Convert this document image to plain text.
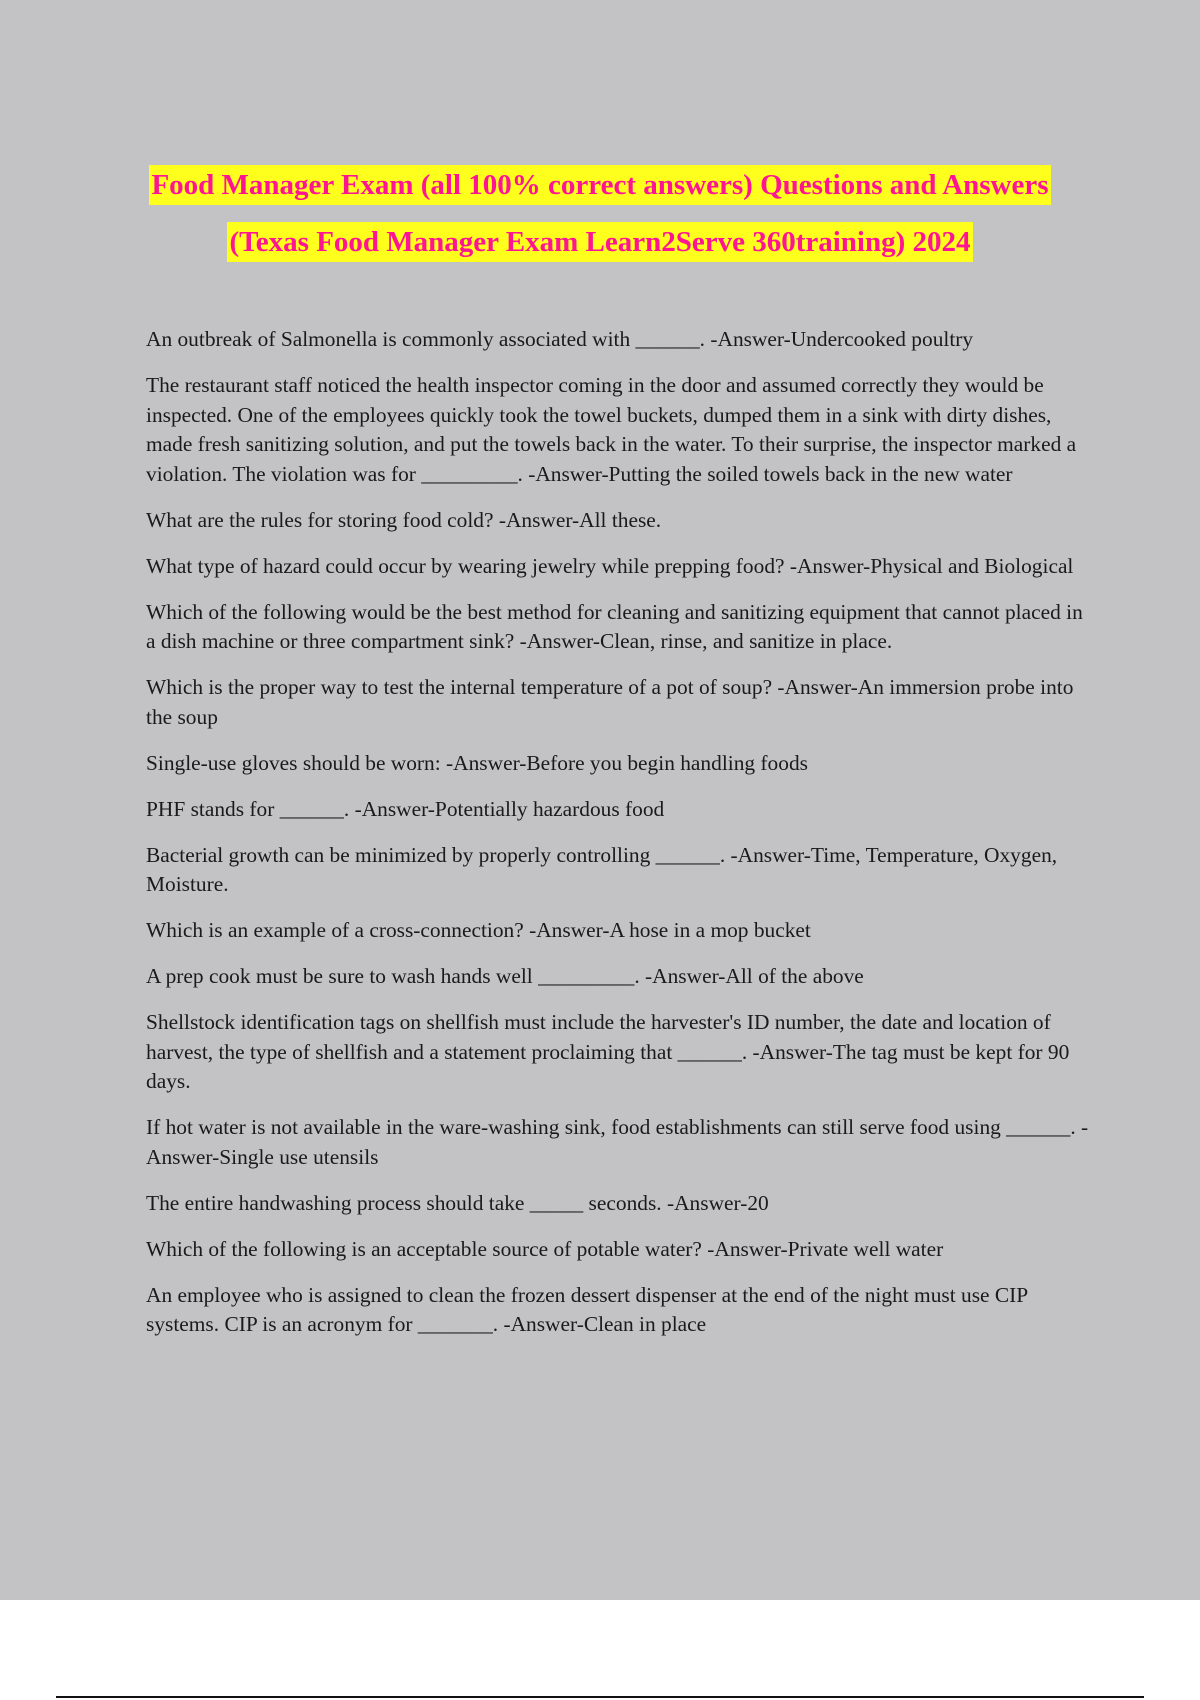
Food Manager Exam (all 100% correct answers) Questions and Answers
(Texas Food Manager Exam Learn2Serve 360training) 2024
An outbreak of Salmonella is commonly associated with ______. -Answer-Undercooked poultry
The restaurant staff noticed the health inspector coming in the door and assumed correctly they would be inspected. One of the employees quickly took the towel buckets, dumped them in a sink with dirty dishes, made fresh sanitizing solution, and put the towels back in the water. To their surprise, the inspector marked a violation. The violation was for _________. -Answer-Putting the soiled towels back in the new water
What are the rules for storing food cold? -Answer-All these.
What type of hazard could occur by wearing jewelry while prepping food? -Answer-Physical and Biological
Which of the following would be the best method for cleaning and sanitizing equipment that cannot placed in a dish machine or three compartment sink? -Answer-Clean, rinse, and sanitize in place.
Which is the proper way to test the internal temperature of a pot of soup? -Answer-An immersion probe into the soup
Single-use gloves should be worn: -Answer-Before you begin handling foods
PHF stands for ______. -Answer-Potentially hazardous food
Bacterial growth can be minimized by properly controlling ______. -Answer-Time, Temperature, Oxygen, Moisture.
Which is an example of a cross-connection? -Answer-A hose in a mop bucket
A prep cook must be sure to wash hands well _________. -Answer-All of the above
Shellstock identification tags on shellfish must include the harvester's ID number, the date and location of harvest, the type of shellfish and a statement proclaiming that ______. -Answer-The tag must be kept for 90 days.
If hot water is not available in the ware-washing sink, food establishments can still serve food using ______. -Answer-Single use utensils
The entire handwashing process should take _____ seconds. -Answer-20
Which of the following is an acceptable source of potable water? -Answer-Private well water
An employee who is assigned to clean the frozen dessert dispenser at the end of the night must use CIP systems. CIP is an acronym for _______. -Answer-Clean in place
